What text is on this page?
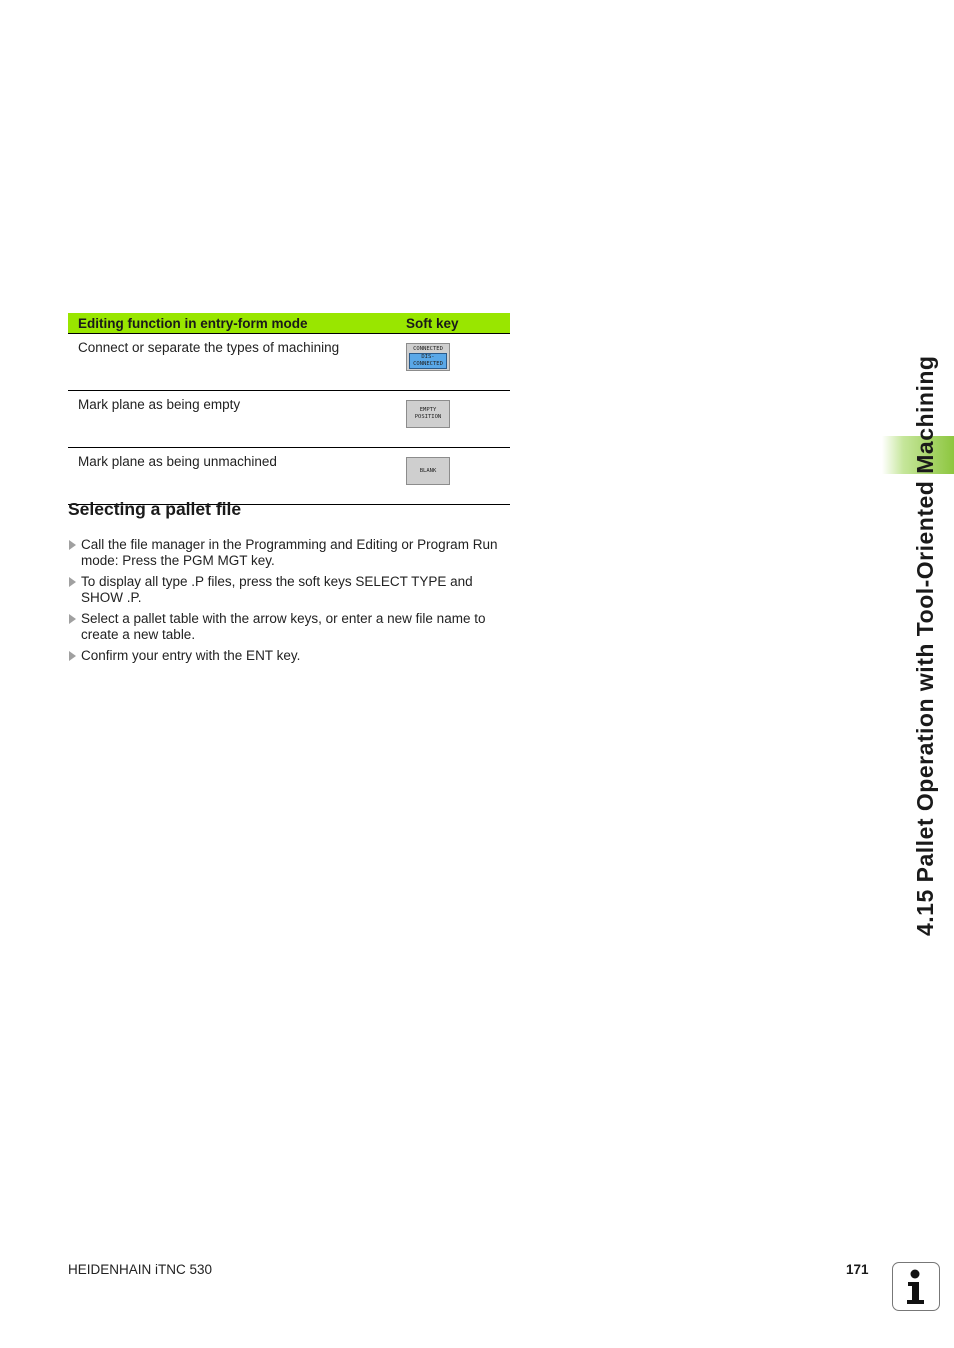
4.15 Pallet Operation with Tool-Oriented Machining
Editing function in entry-form mode	Soft key
Connect or separate the types of machining	CONNECTED
DIS-
CONNECTED

Mark plane as being empty	EMPTY
POSITION

Mark plane as being unmachined	BLANK
Selecting a pallet file
Call the file manager in the Programming and Editing or Program Run mode: Press the PGM MGT key.
To display all type .P files, press the soft keys SELECT TYPE and SHOW .P.
Select a pallet table with the arrow keys, or enter a new file name to create a new table.
Confirm your entry with the ENT key.
HEIDENHAIN iTNC 530	171
